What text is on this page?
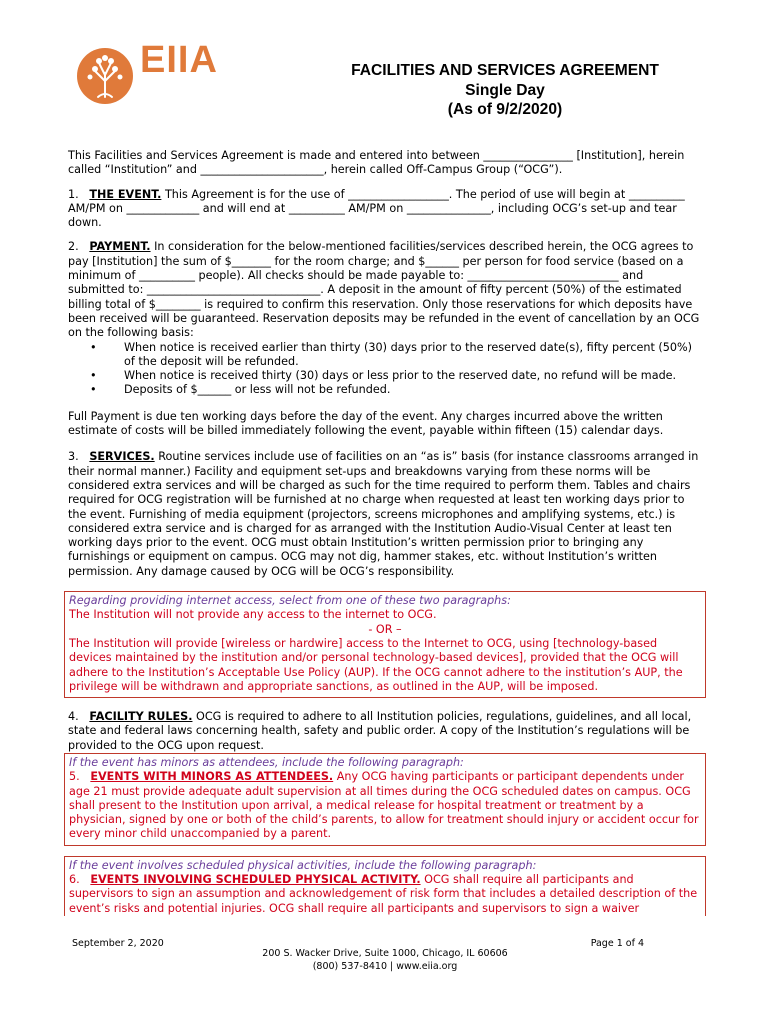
EIIA	FACILITIES AND SERVICES AGREEMENT
Single Day
(As of 9/2/2020)

This Facilities and Services Agreement is made and entered into between ________________ [Institution], herein called “Institution” and ______________________, herein called Off-Campus Group (“OCG”).

1. THE EVENT. This Agreement is for the use of __________________. The period of use will begin at __________ AM/PM on _____________ and will end at __________ AM/PM on _______________, including OCG’s set-up and tear down.

2. PAYMENT. In consideration for the below-mentioned facilities/services described herein, the OCG agrees to pay [Institution] the sum of $_______ for the room charge; and $______ per person for food service (based on a minimum of __________ people). All checks should be made payable to: ___________________________ and submitted to: _______________________________. A deposit in the amount of fifty percent (50%) of the estimated billing total of $________ is required to confirm this reservation. Only those reservations for which deposits have been received will be guaranteed. Reservation deposits may be refunded in the event of cancellation by an OCG on the following basis:

• When notice is received earlier than thirty (30) days prior to the reserved date(s), fifty percent (50%) of the deposit will be refunded.
• When notice is received thirty (30) days or less prior to the reserved date, no refund will be made.
• Deposits of $______ or less will not be refunded.

Full Payment is due ten working days before the day of the event. Any charges incurred above the written estimate of costs will be billed immediately following the event, payable within fifteen (15) calendar days.

3. SERVICES. Routine services include use of facilities on an “as is” basis (for instance classrooms arranged in their normal manner.) Facility and equipment set-ups and breakdowns varying from these norms will be considered extra services and will be charged as such for the time required to perform them. Tables and chairs required for OCG registration will be furnished at no charge when requested at least ten working days prior to the event. Furnishing of media equipment (projectors, screens microphones and amplifying systems, etc.) is considered extra service and is charged for as arranged with the Institution Audio-Visual Center at least ten working days prior to the event. OCG must obtain Institution’s written permission prior to bringing any furnishings or equipment on campus. OCG may not dig, hammer stakes, etc. without Institution’s written permission. Any damage caused by OCG will be OCG’s responsibility.

Regarding providing internet access, select from one of these two paragraphs:
The Institution will not provide any access to the internet to OCG.
- OR –
The Institution will provide [wireless or hardwire] access to the Internet to OCG, using [technology-based devices maintained by the institution and/or personal technology-based devices], provided that the OCG will adhere to the Institution’s Acceptable Use Policy (AUP). If the OCG cannot adhere to the institution’s AUP, the privilege will be withdrawn and appropriate sanctions, as outlined in the AUP, will be imposed.

4. FACILITY RULES. OCG is required to adhere to all Institution policies, regulations, guidelines, and all local, state and federal laws concerning health, safety and public order. A copy of the Institution’s regulations will be provided to the OCG upon request.

If the event has minors as attendees, include the following paragraph:
5. EVENTS WITH MINORS AS ATTENDEES. Any OCG having participants or participant dependents under age 21 must provide adequate adult supervision at all times during the OCG scheduled dates on campus. OCG shall present to the Institution upon arrival, a medical release for hospital treatment or treatment by a physician, signed by one or both of the child’s parents, to allow for treatment should injury or accident occur for every minor child unaccompanied by a parent.
If the event involves scheduled physical activities, include the following paragraph:
6. EVENTS INVOLVING SCHEDULED PHYSICAL ACTIVITY. OCG shall require all participants and supervisors to sign an assumption and acknowledgement of risk form that includes a detailed description of the event’s risks and potential injuries. OCG shall require all participants and supervisors to sign a waiver
September 2, 2020	Page 1 of 4
200 S. Wacker Drive, Suite 1000, Chicago, IL 60606
(800) 537-8410 | www.eiia.org
